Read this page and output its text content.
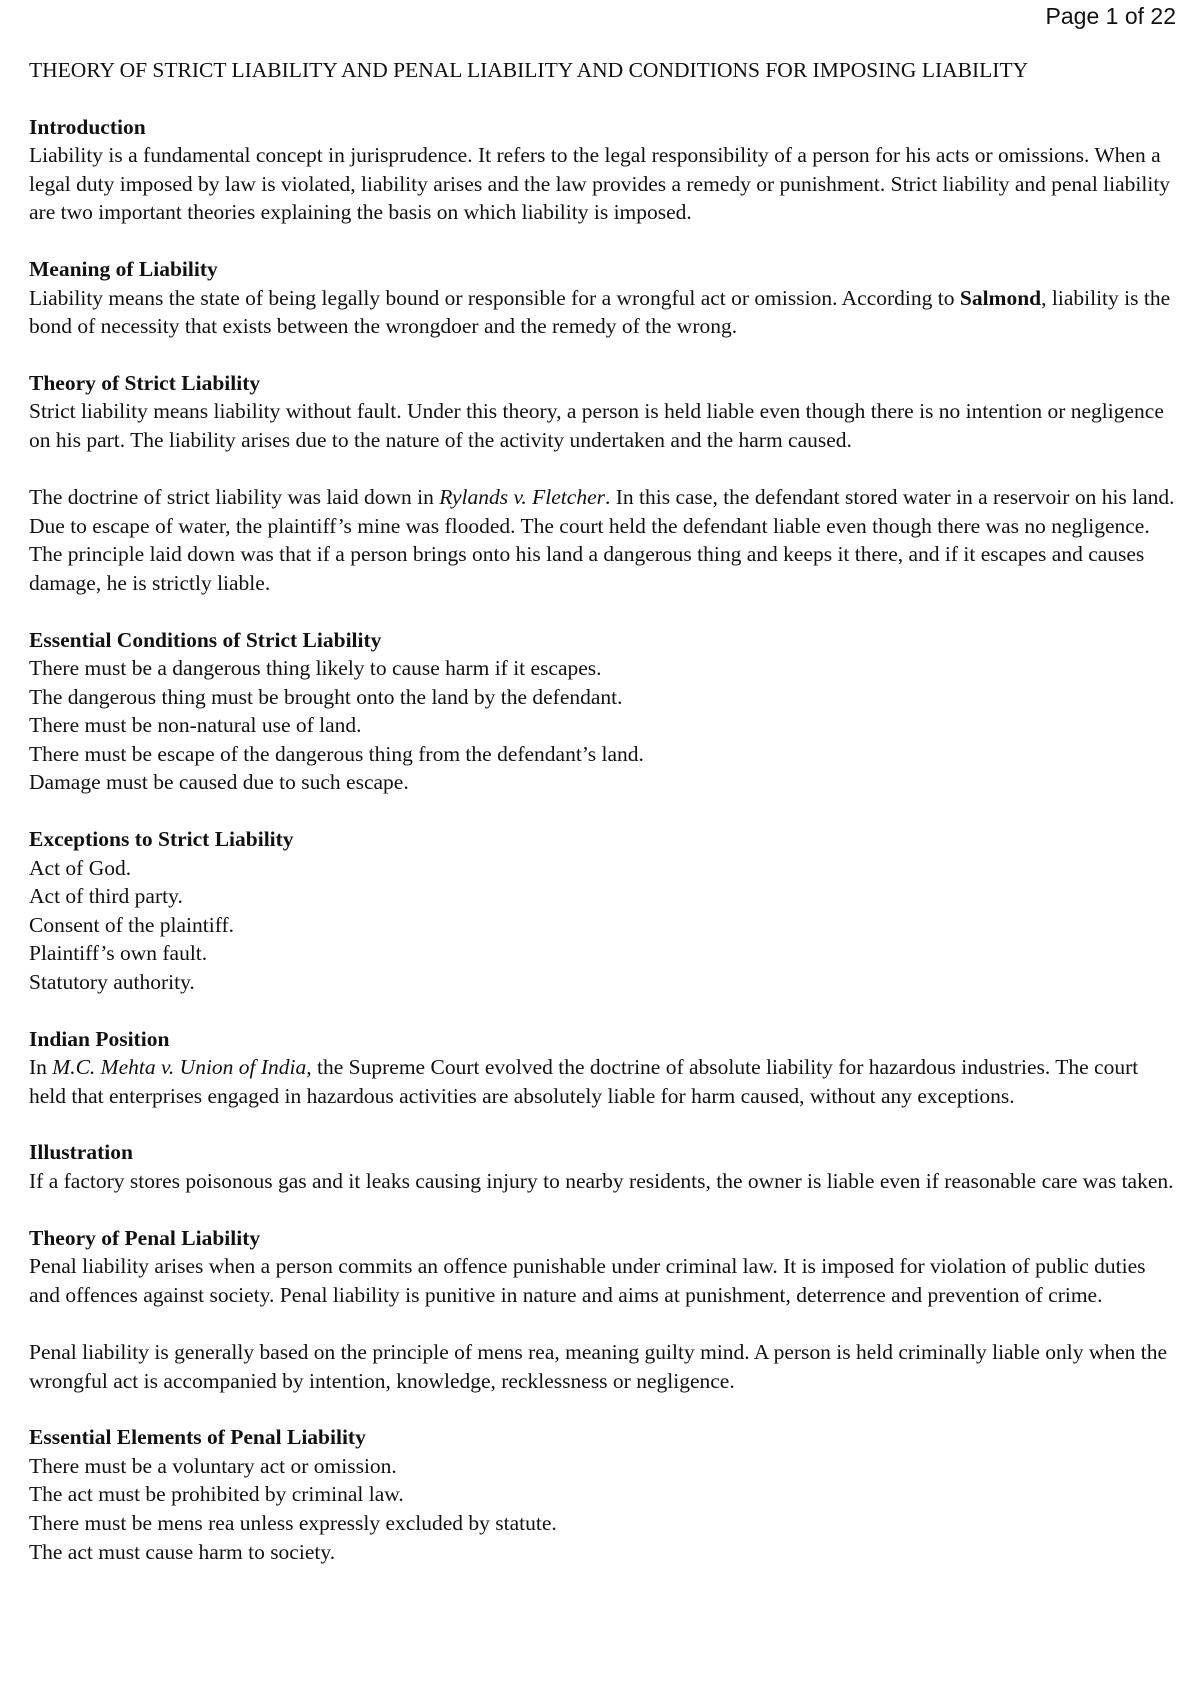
Page 1 of 22
THEORY OF STRICT LIABILITY AND PENAL LIABILITY AND CONDITIONS FOR IMPOSING LIABILITY
Introduction

Liability is a fundamental concept in jurisprudence. It refers to the legal responsibility of a person for his acts or omissions. When a legal duty imposed by law is violated, liability arises and the law provides a remedy or punishment. Strict liability and penal liability are two important theories explaining the basis on which liability is imposed.

Meaning of Liability

Liability means the state of being legally bound or responsible for a wrongful act or omission. According to Salmond, liability is the bond of necessity that exists between the wrongdoer and the remedy of the wrong.

Theory of Strict Liability

Strict liability means liability without fault. Under this theory, a person is held liable even though there is no intention or negligence on his part. The liability arises due to the nature of the activity undertaken and the harm caused.

The doctrine of strict liability was laid down in Rylands v. Fletcher. In this case, the defendant stored water in a reservoir on his land. Due to escape of water, the plaintiff’s mine was flooded. The court held the defendant liable even though there was no negligence. The principle laid down was that if a person brings onto his land a dangerous thing and keeps it there, and if it escapes and causes damage, he is strictly liable.

Essential Conditions of Strict Liability
There must be a dangerous thing likely to cause harm if it escapes.
The dangerous thing must be brought onto the land by the defendant.
There must be non-natural use of land.
There must be escape of the dangerous thing from the defendant’s land.
Damage must be caused due to such escape.
Exceptions to Strict Liability
Act of God.
Act of third party.
Consent of the plaintiff.
Plaintiff’s own fault.
Statutory authority.
Indian Position

In M.C. Mehta v. Union of India, the Supreme Court evolved the doctrine of absolute liability for hazardous industries. The court held that enterprises engaged in hazardous activities are absolutely liable for harm caused, without any exceptions.

Illustration

If a factory stores poisonous gas and it leaks causing injury to nearby residents, the owner is liable even if reasonable care was taken.

Theory of Penal Liability

Penal liability arises when a person commits an offence punishable under criminal law. It is imposed for violation of public duties and offences against society. Penal liability is punitive in nature and aims at punishment, deterrence and prevention of crime.

Penal liability is generally based on the principle of mens rea, meaning guilty mind. A person is held criminally liable only when the wrongful act is accompanied by intention, knowledge, recklessness or negligence.

Essential Elements of Penal Liability
There must be a voluntary act or omission.
The act must be prohibited by criminal law.
There must be mens rea unless expressly excluded by statute.
The act must cause harm to society.
